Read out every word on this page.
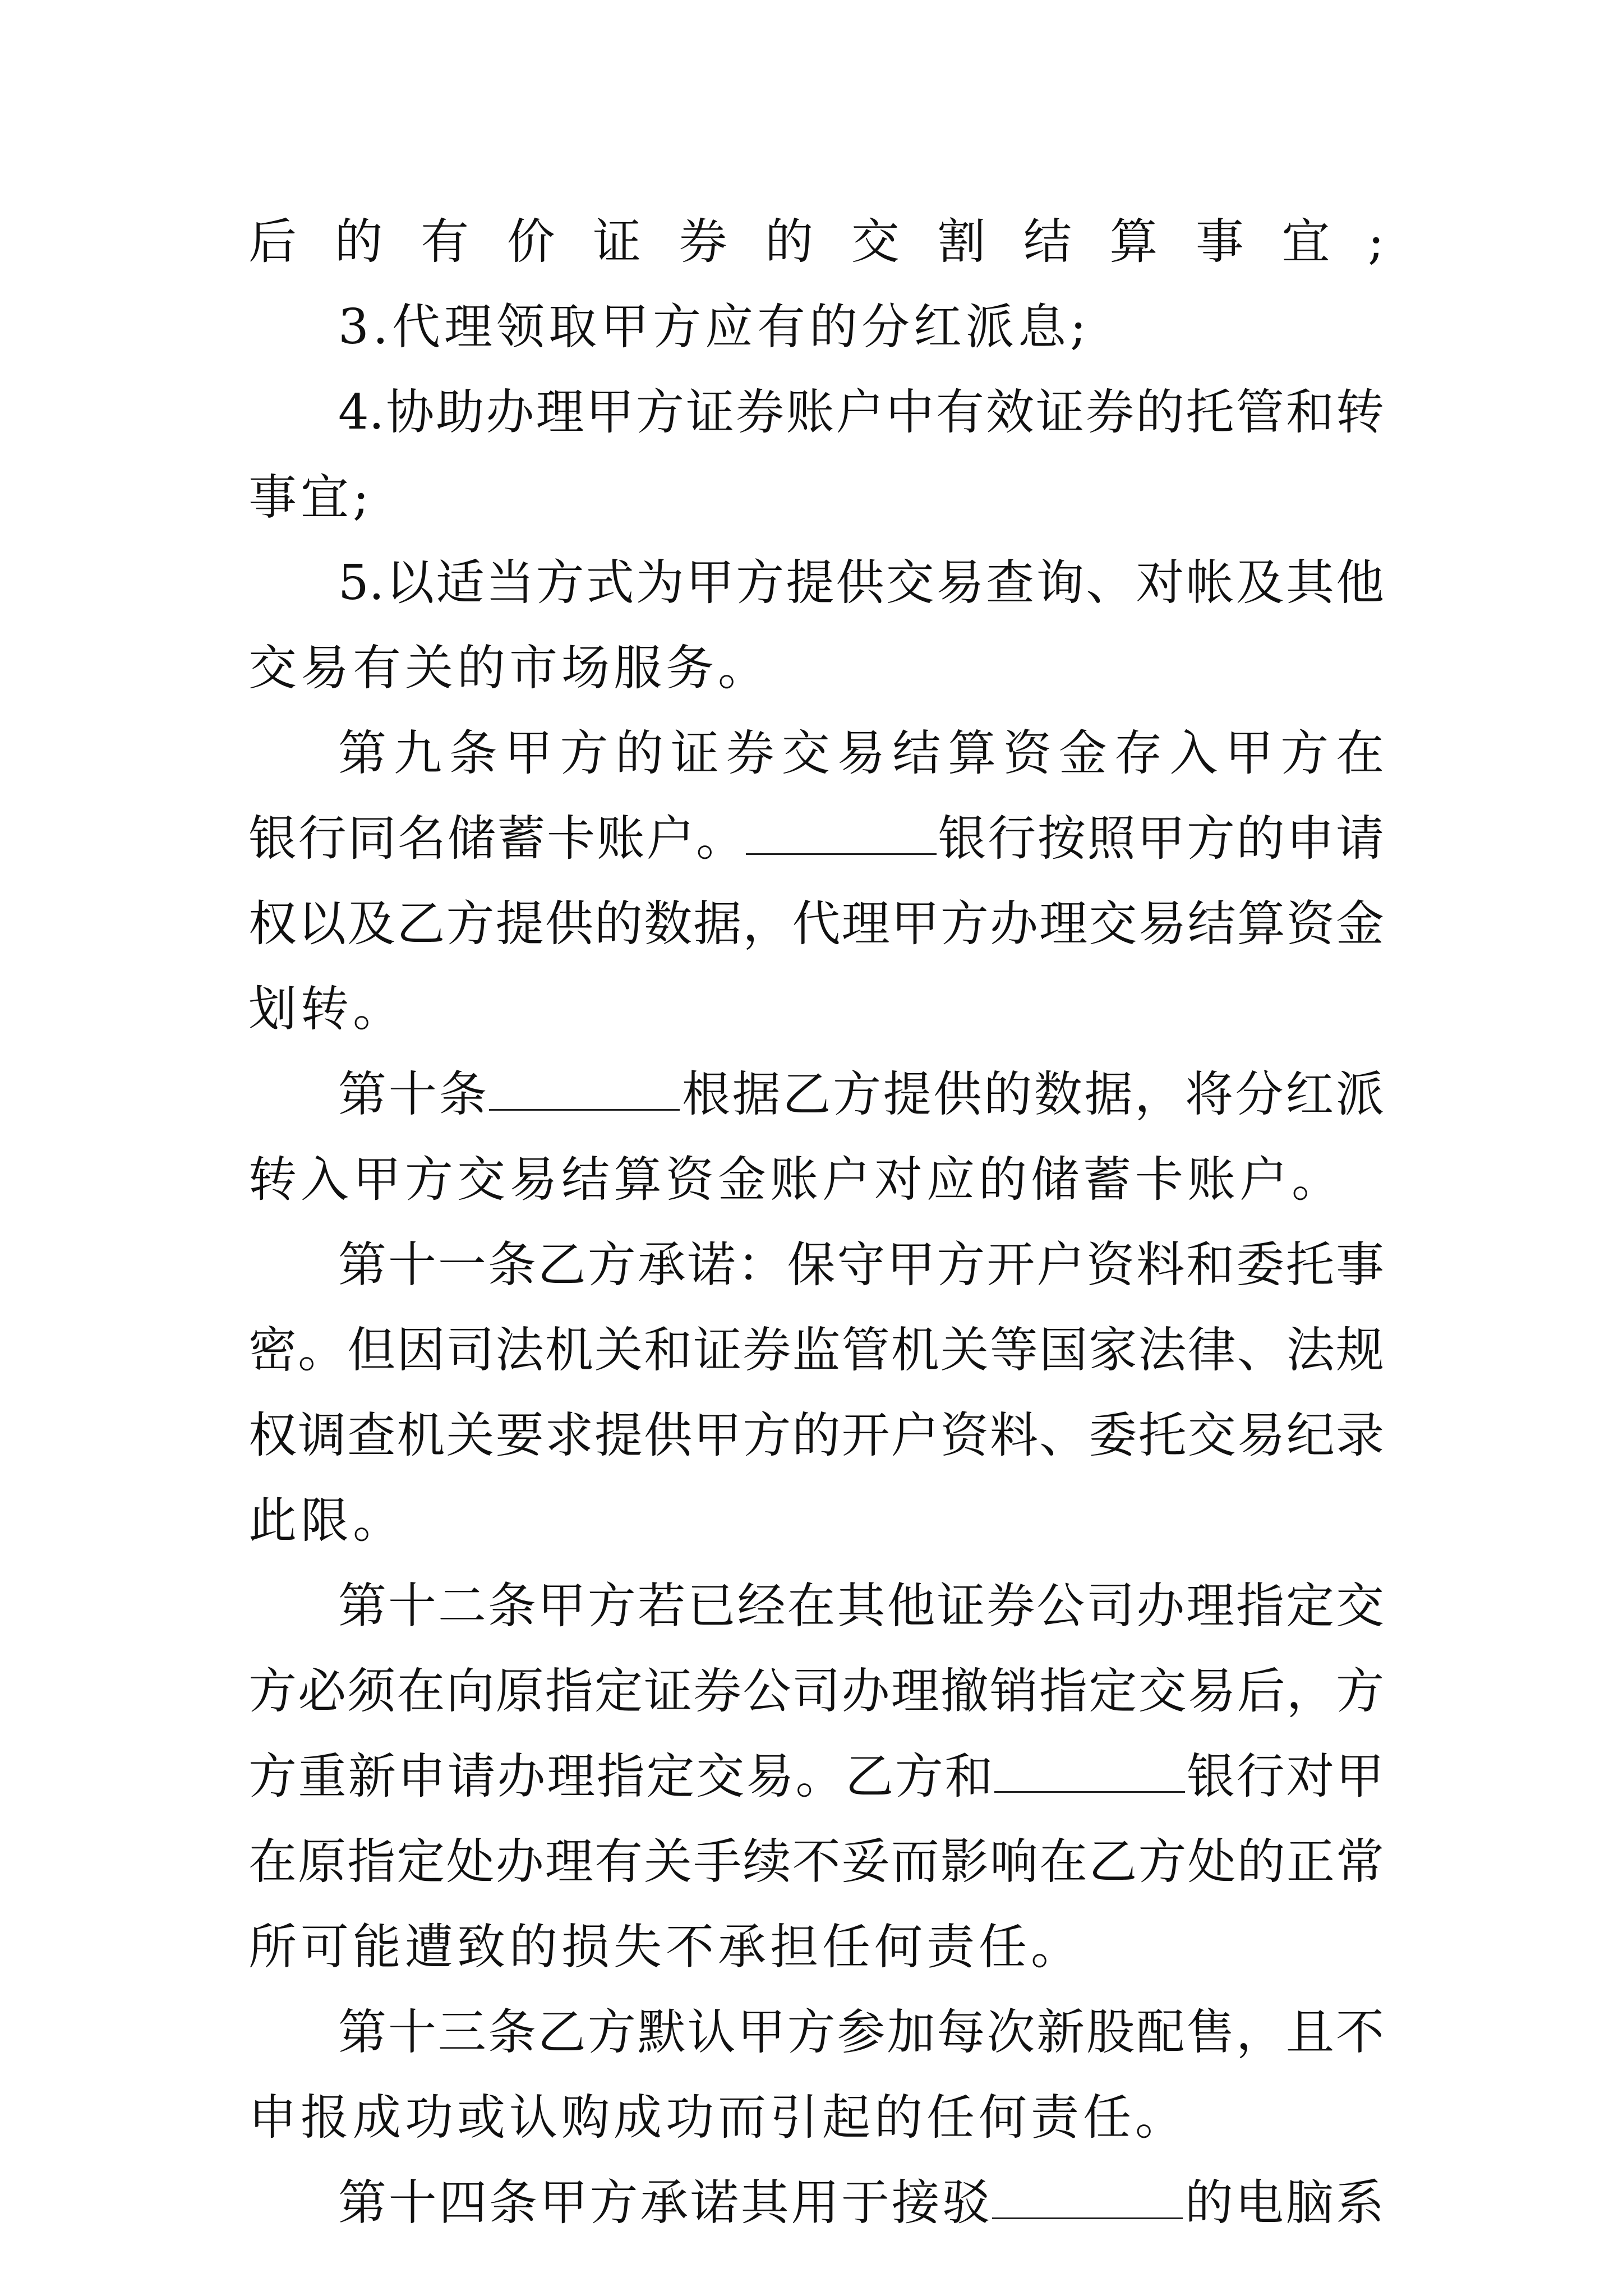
后的有价证券的交割结算事宜;
3.代理领取甲方应有的分红派息;
4.协助办理甲方证券账户中有效证券的托管和转
事宜;
5.以适当方式为甲方提供交易查询、对帐及其他
交易有关的市场服务。
第九条甲方的证券交易结算资金存入甲方在
银行同名储蓄卡账户。	银行按照甲方的申请
权以及乙方提供的数据，代理甲方办理交易结算资金
划转。
第十条	根据乙方提供的数据，将分红派
转入甲方交易结算资金账户对应的储蓄卡账户。
第十一条乙方承诺：保守甲方开户资料和委托事
密。但因司法机关和证券监管机关等国家法律、法规
权调查机关要求提供甲方的开户资料、委托交易纪录
此限。
第十二条甲方若已经在其他证券公司办理指定交
方必须在向原指定证券公司办理撤销指定交易后，方
方重新申请办理指定交易。乙方和	银行对甲
在原指定处办理有关手续不妥而影响在乙方处的正常
所可能遭致的损失不承担任何责任。
第十三条乙方默认甲方参加每次新股配售，且不
申报成功或认购成功而引起的任何责任。
第十四条甲方承诺其用于接驳	的电脑系
